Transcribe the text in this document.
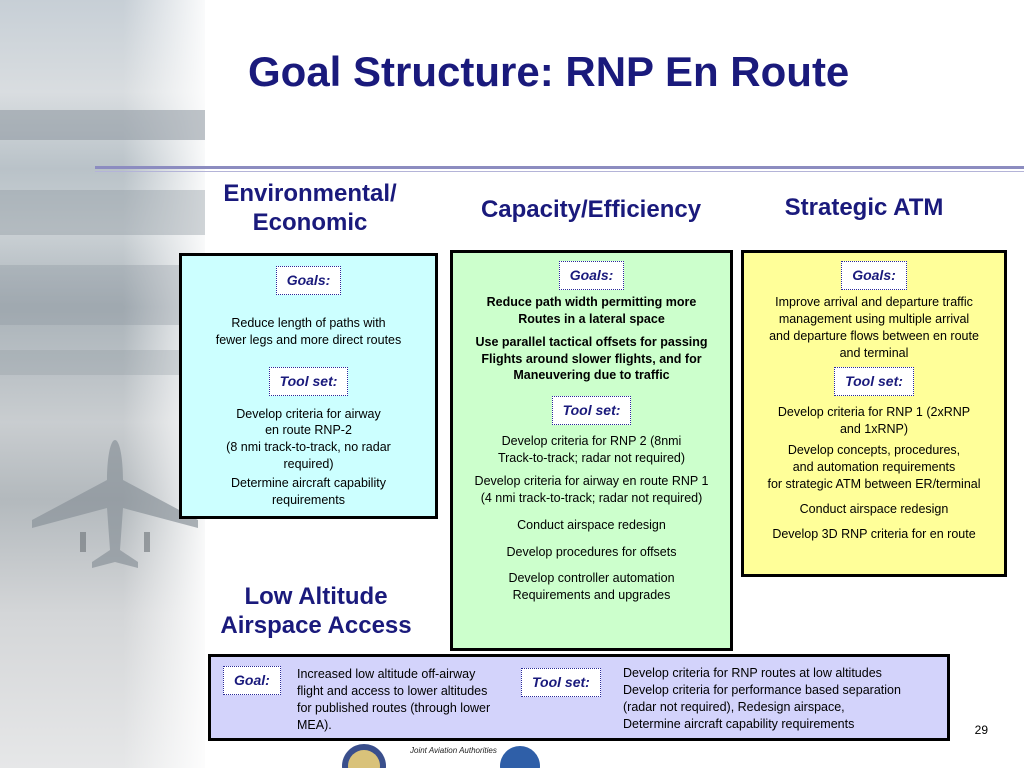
Goal Structure: RNP En Route
Environmental/
Economic	Capacity/Efficiency	Strategic ATM
Goals:
Reduce length of paths with
fewer legs and more direct routes
Tool set:
Develop criteria for airway
en route RNP-2
(8 nmi track-to-track, no radar
required)
Determine aircraft capability
requirements
Goals:
Reduce path width permitting more
Routes in a lateral space
Use parallel tactical offsets for passing
Flights around slower flights, and for
Maneuvering due to traffic
Tool set:
Develop criteria for RNP 2 (8nmi
Track-to-track; radar not required)
Develop criteria for airway en route RNP 1
(4 nmi track-to-track; radar not required)
Conduct airspace redesign
Develop procedures for offsets
Develop controller automation
Requirements and upgrades
Goals:
Improve arrival and departure traffic
management using multiple arrival
and departure flows between en route
and terminal
Tool set:
Develop criteria for RNP 1 (2xRNP
and 1xRNP)
Develop concepts, procedures,
and automation requirements
for strategic ATM between ER/terminal
Conduct airspace redesign
Develop 3D RNP criteria for en route
Low Altitude
Airspace Access
Goal:	Increased low altitude off-airway
flight and access to lower altitudes
for published routes (through lower
MEA).
Tool set:
Develop criteria for RNP routes at low altitudes
Develop criteria for performance based separation
(radar not required), Redesign airspace,
Determine aircraft capability requirements
Joint Aviation Authorities
29
